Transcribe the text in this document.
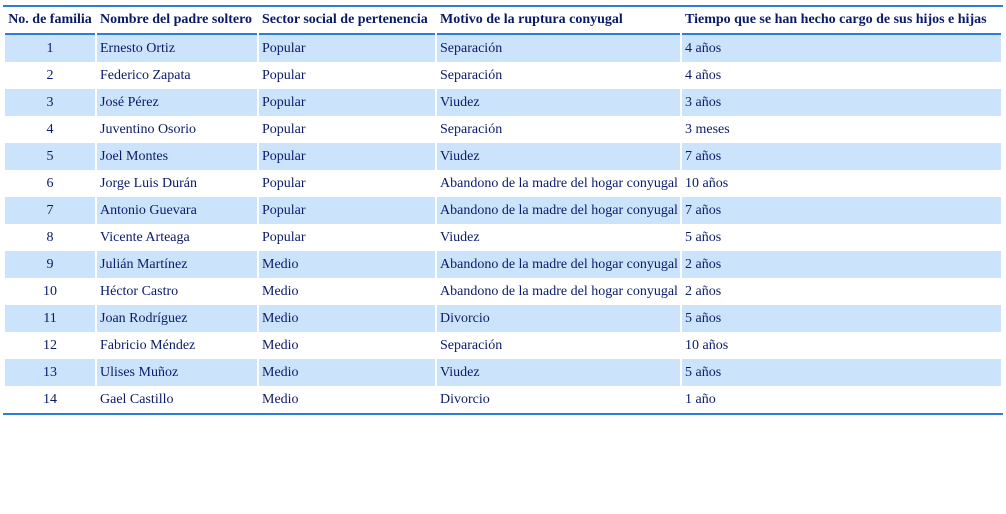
No. de familia	Nombre del padre soltero	Sector social de pertenencia	Motivo de la ruptura conyugal	Tiempo que se han hecho cargo de sus hijos e hijas
1	Ernesto Ortiz	Popular	Separación	4 años
2	Federico Zapata	Popular	Separación	4 años
3	José Pérez	Popular	Viudez	3 años
4	Juventino Osorio	Popular	Separación	3 meses
5	Joel Montes	Popular	Viudez	7 años
6	Jorge Luis Durán	Popular	Abandono de la madre del hogar conyugal	10 años
7	Antonio Guevara	Popular	Abandono de la madre del hogar conyugal	7 años
8	Vicente Arteaga	Popular	Viudez	5 años
9	Julián Martínez	Medio	Abandono de la madre del hogar conyugal	2 años
10	Héctor Castro	Medio	Abandono de la madre del hogar conyugal	2 años
11	Joan Rodríguez	Medio	Divorcio	5 años
12	Fabricio Méndez	Medio	Separación	10 años
13	Ulises Muñoz	Medio	Viudez	5 años
14	Gael Castillo	Medio	Divorcio	1 año
